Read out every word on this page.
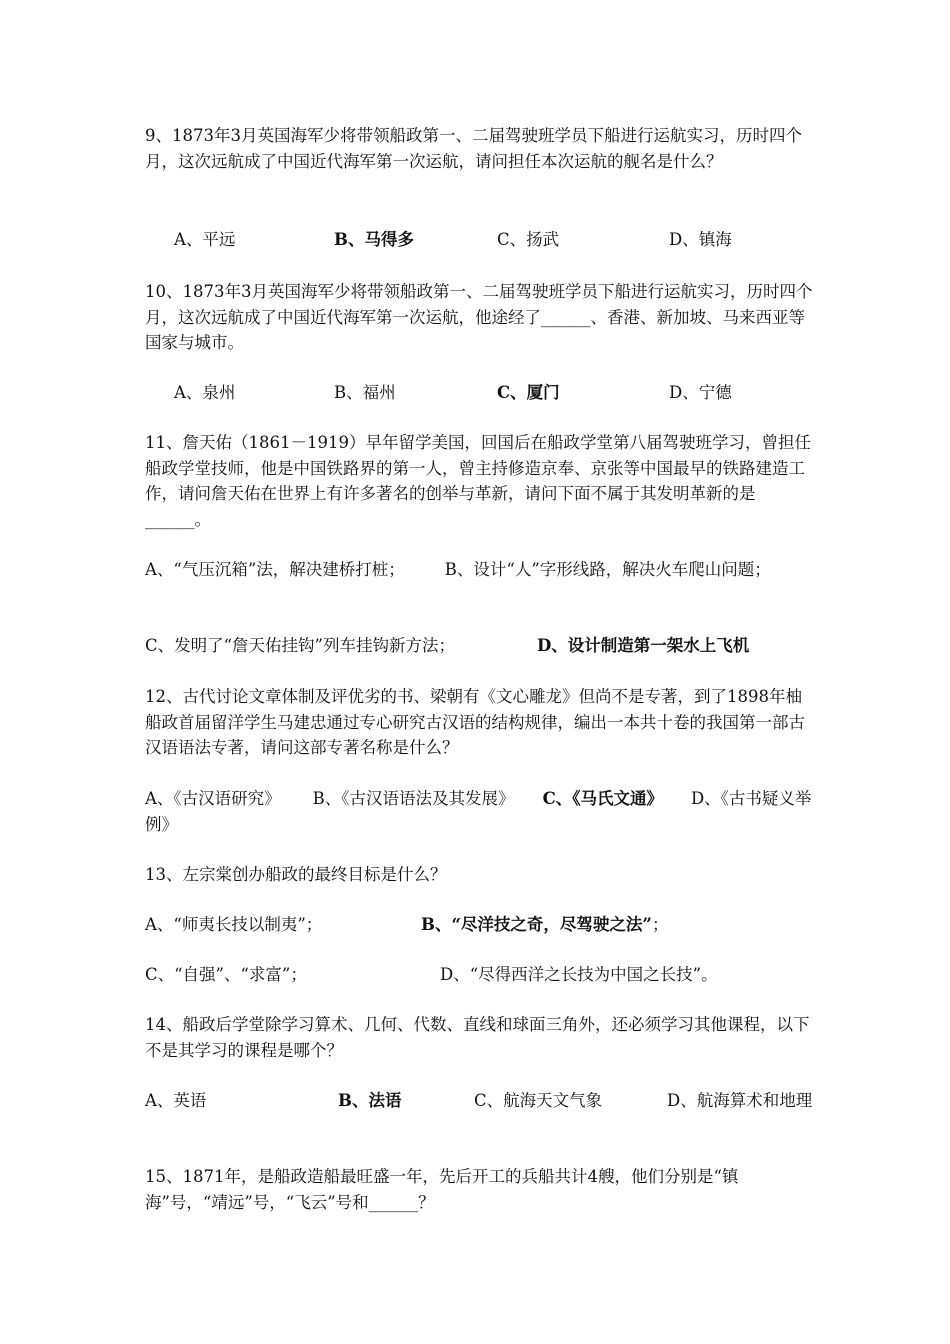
9、1873年3月英国海军少将带领船政第一、二届驾驶班学员下船进行运航实习，历时四个月，这次远航成了中国近代海军第一次运航，请问担任本次运航的舰名是什么？

A、平远	B、马得多	C、扬武	D、镇海

10、1873年3月英国海军少将带领船政第一、二届驾驶班学员下船进行运航实习，历时四个月，这次远航成了中国近代海军第一次运航，他途经了______、香港、新加坡、马来西亚等国家与城市。

A、泉州	B、福州	C、厦门	D、宁德

11、詹天佑（1861－1919）早年留学美国，回国后在船政学堂第八届驾驶班学习，曾担任船政学堂技师，他是中国铁路界的第一人，曾主持修造京奉、京张等中国最早的铁路建造工作，请问詹天佑在世界上有许多著名的创举与革新，请问下面不属于其发明革新的是______。

A、“气压沉箱”法，解决建桥打桩； B、设计“人”字形线路，解决火车爬山问题；
C、发明了“詹天佑挂钩”列车挂钩新方法；	D、设计制造第一架水上飞机

12、古代讨论文章体制及评优劣的书、梁朝有《文心雕龙》但尚不是专著，到了1898年柚船政首届留洋学生马建忠通过专心研究古汉语的结构规律，编出一本共十卷的我国第一部古汉语语法专著，请问这部专著名称是什么？

A、《古汉语研究》 B、《古汉语语法及其发展》 C、《马氏文通》 D、《古书疑义举例》

13、左宗棠创办船政的最终目标是什么？

A、“师夷长技以制夷”；	B、“尽洋技之奇，尽驾驶之法”；
C、“自强”、“求富”；	D、“尽得西洋之长技为中国之长技”。

14、船政后学堂除学习算术、几何、代数、直线和球面三角外，还必须学习其他课程，以下不是其学习的课程是哪个？

A、英语	B、法语	C、航海天文气象	D、航海算术和地理

15、1871年，是船政造船最旺盛一年，先后开工的兵船共计4艘，他们分别是“镇海”号，“靖远”号，“飞云”号和______？
